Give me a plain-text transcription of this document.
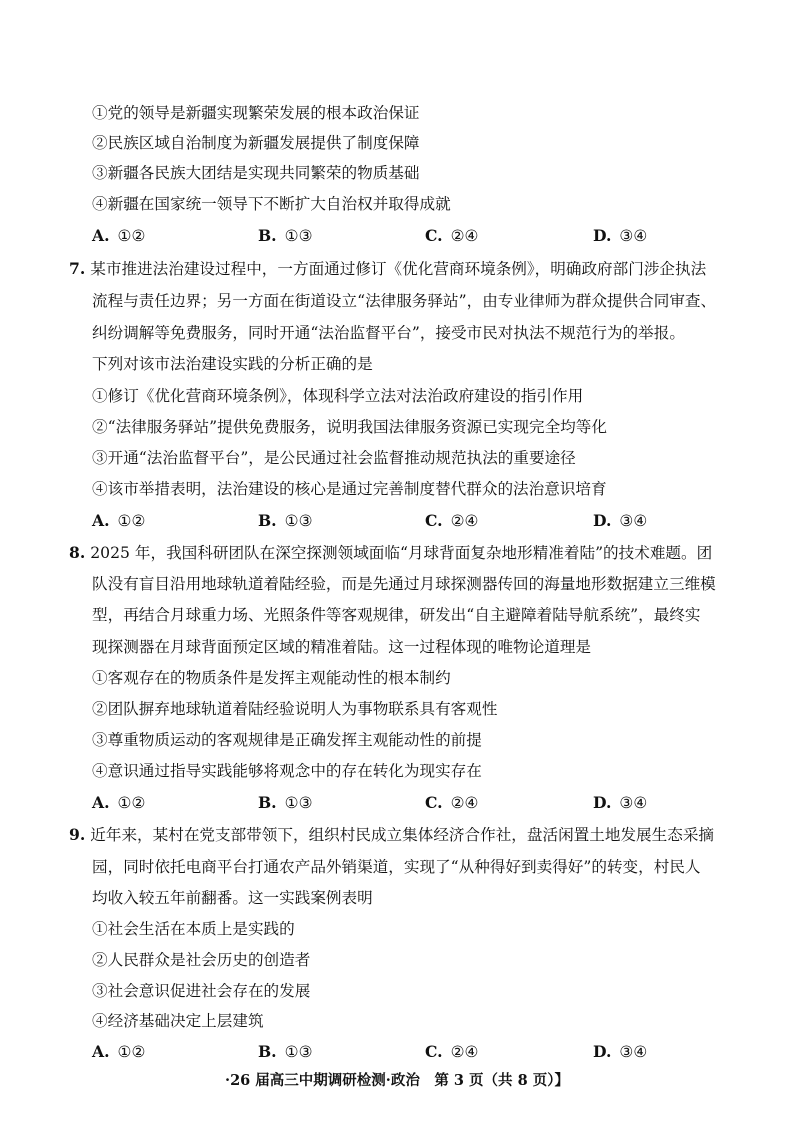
①党的领导是新疆实现繁荣发展的根本政治保证
②民族区域自治制度为新疆发展提供了制度保障
③新疆各民族大团结是实现共同繁荣的物质基础
④新疆在国家统一领导下不断扩大自治权并取得成就
A. ①②	B. ①③	C. ②④	D. ③④
7. 某市推进法治建设过程中，一方面通过修订《优化营商环境条例》，明确政府部门涉企执法
流程与责任边界；另一方面在街道设立“法律服务驿站”，由专业律师为群众提供合同审查、
纠纷调解等免费服务，同时开通“法治监督平台”，接受市民对执法不规范行为的举报。
下列对该市法治建设实践的分析正确的是
①修订《优化营商环境条例》，体现科学立法对法治政府建设的指引作用
②“法律服务驿站”提供免费服务，说明我国法律服务资源已实现完全均等化
③开通“法治监督平台”，是公民通过社会监督推动规范执法的重要途径
④该市举措表明，法治建设的核心是通过完善制度替代群众的法治意识培育
A. ①②	B. ①③	C. ②④	D. ③④
8. 2025 年，我国科研团队在深空探测领域面临“月球背面复杂地形精准着陆”的技术难题。团
队没有盲目沿用地球轨道着陆经验，而是先通过月球探测器传回的海量地形数据建立三维模
型，再结合月球重力场、光照条件等客观规律，研发出“自主避障着陆导航系统”，最终实
现探测器在月球背面预定区域的精准着陆。这一过程体现的唯物论道理是
①客观存在的物质条件是发挥主观能动性的根本制约
②团队摒弃地球轨道着陆经验说明人为事物联系具有客观性
③尊重物质运动的客观规律是正确发挥主观能动性的前提
④意识通过指导实践能够将观念中的存在转化为现实存在
A. ①②	B. ①③	C. ②④	D. ③④
9. 近年来，某村在党支部带领下，组织村民成立集体经济合作社，盘活闲置土地发展生态采摘
园，同时依托电商平台打通农产品外销渠道，实现了“从种得好到卖得好”的转变，村民人
均收入较五年前翻番。这一实践案例表明
①社会生活在本质上是实践的
②人民群众是社会历史的创造者
③社会意识促进社会存在的发展
④经济基础决定上层建筑
A. ①②	B. ①③	C. ②④	D. ③④
·26 届高三中期调研检测·政治　第 3 页（共 8 页）】
